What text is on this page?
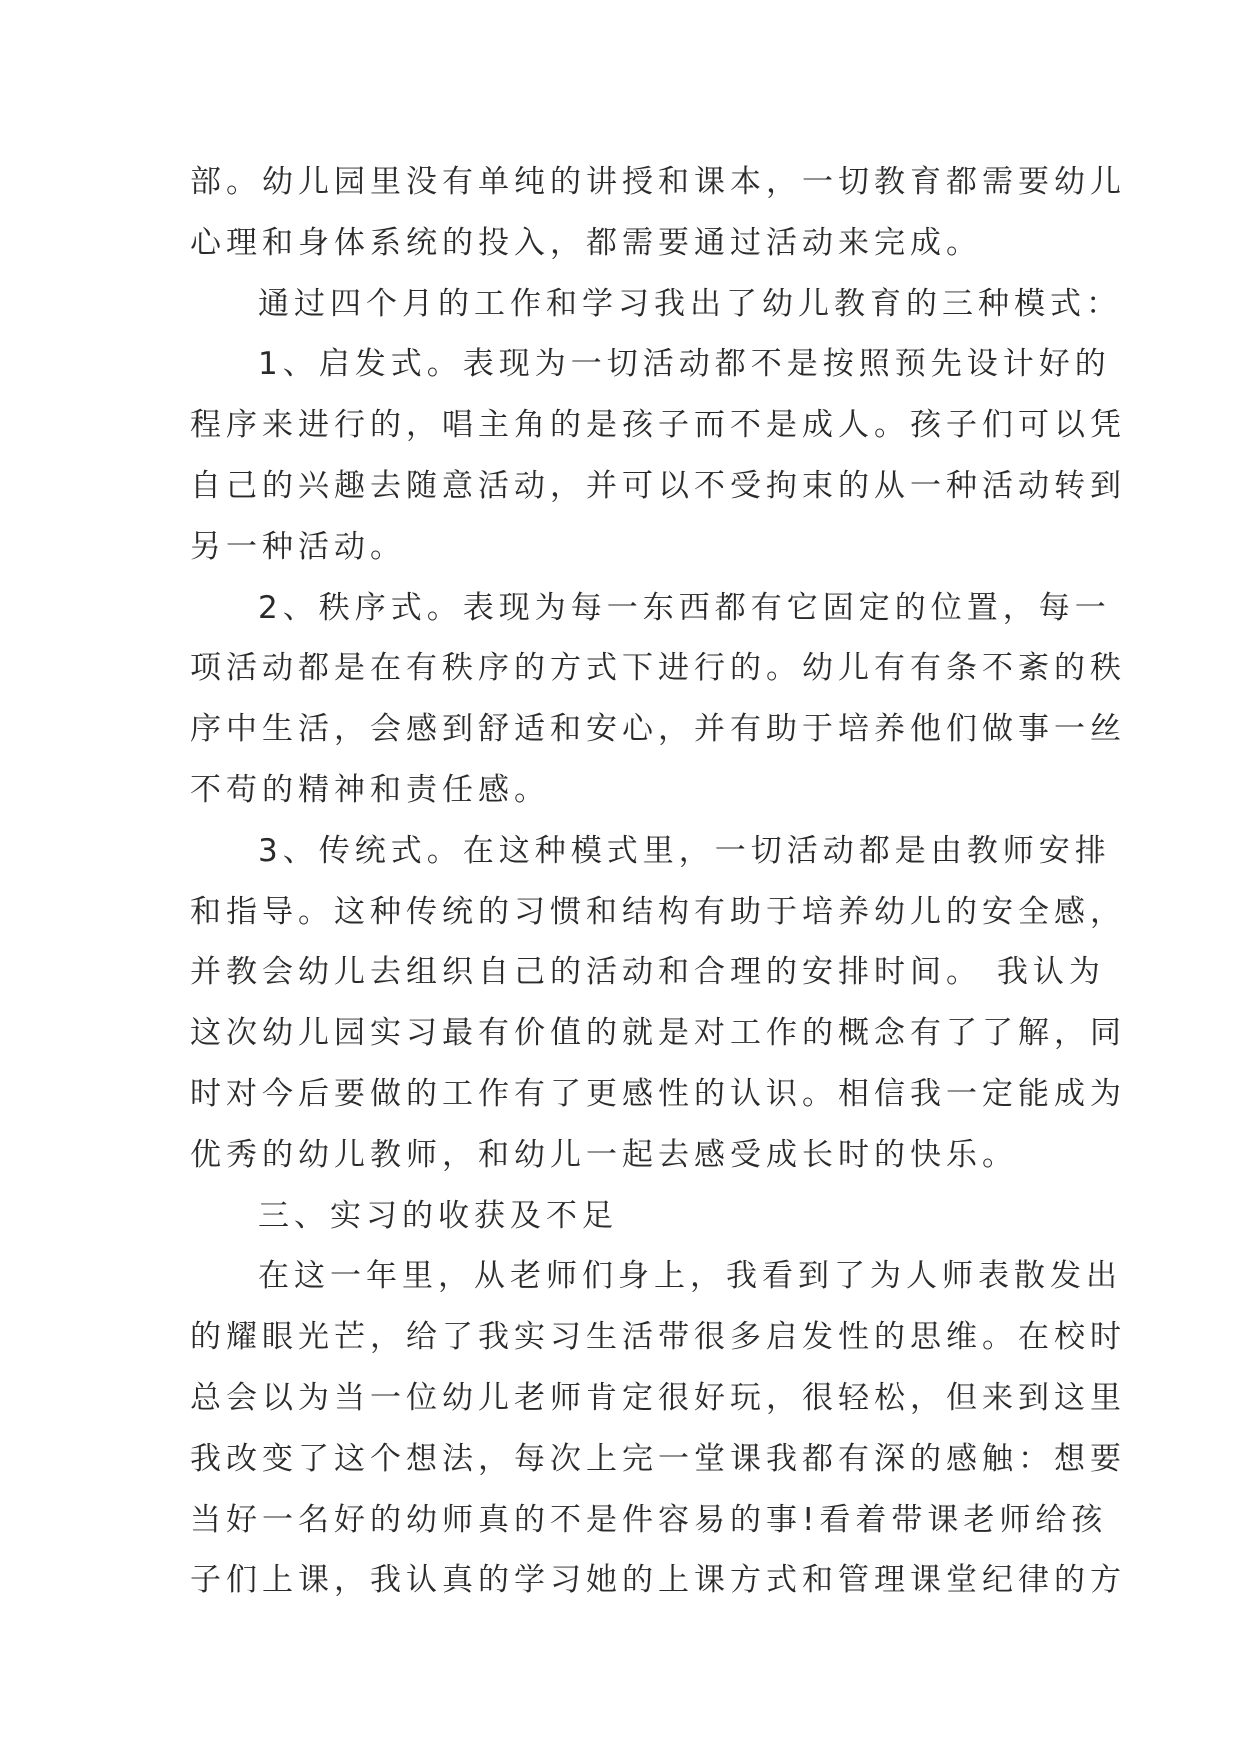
部。幼儿园里没有单纯的讲授和课本，一切教育都需要幼儿
心理和身体系统的投入，都需要通过活动来完成。
通过四个月的工作和学习我出了幼儿教育的三种模式：
1、启发式。表现为一切活动都不是按照预先设计好的
程序来进行的，唱主角的是孩子而不是成人。孩子们可以凭
自己的兴趣去随意活动，并可以不受拘束的从一种活动转到
另一种活动。
2、秩序式。表现为每一东西都有它固定的位置，每一
项活动都是在有秩序的方式下进行的。幼儿有有条不紊的秩
序中生活，会感到舒适和安心，并有助于培养他们做事一丝
不苟的精神和责任感。
3、传统式。在这种模式里，一切活动都是由教师安排
和指导。这种传统的习惯和结构有助于培养幼儿的安全感，
并教会幼儿去组织自己的活动和合理的安排时间。 我认为
这次幼儿园实习最有价值的就是对工作的概念有了了解，同
时对今后要做的工作有了更感性的认识。相信我一定能成为
优秀的幼儿教师，和幼儿一起去感受成长时的快乐。
三、实习的收获及不足
在这一年里，从老师们身上，我看到了为人师表散发出
的耀眼光芒，给了我实习生活带很多启发性的思维。在校时
总会以为当一位幼儿老师肯定很好玩，很轻松，但来到这里
我改变了这个想法，每次上完一堂课我都有深的感触：想要
当好一名好的幼师真的不是件容易的事!看着带课老师给孩
子们上课，我认真的学习她的上课方式和管理课堂纪律的方
